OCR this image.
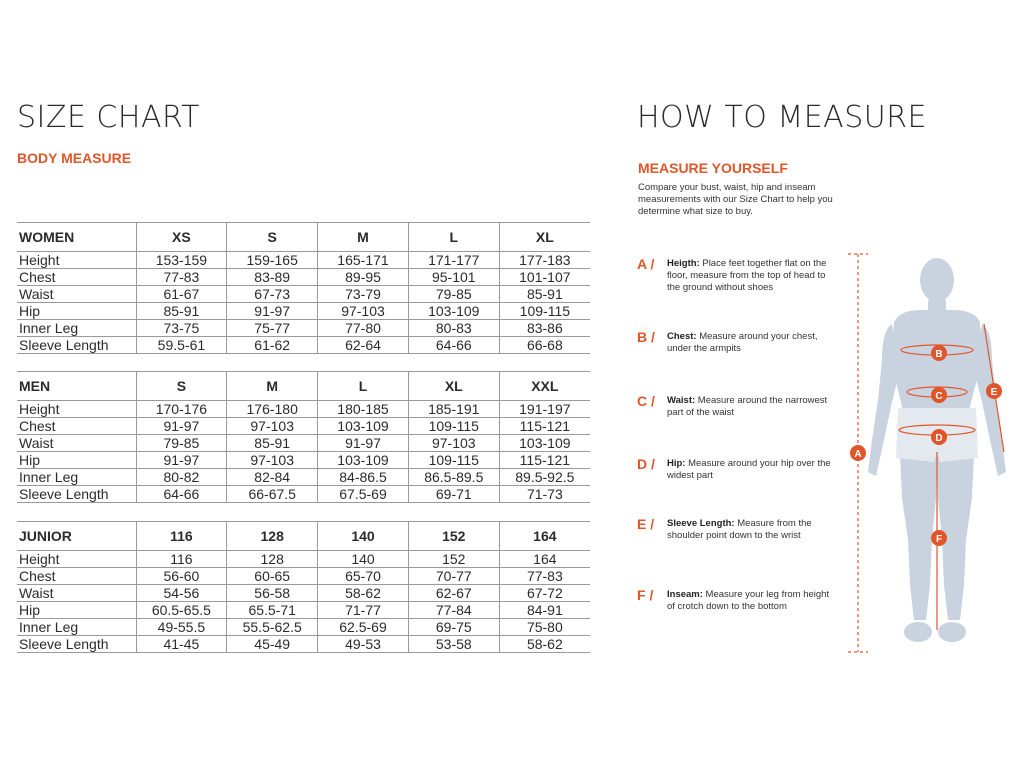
SIZE CHART
BODY MEASURE
WOMEN	XS	S	M	L	XL
Height	153-159	159-165	165-171	171-177	177-183
Chest	77-83	83-89	89-95	95-101	101-107
Waist	61-67	67-73	73-79	79-85	85-91
Hip	85-91	91-97	97-103	103-109	109-115
Inner Leg	73-75	75-77	77-80	80-83	83-86
Sleeve Length	59.5-61	61-62	62-64	64-66	66-68
MEN	S	M	L	XL	XXL
Height	170-176	176-180	180-185	185-191	191-197
Chest	91-97	97-103	103-109	109-115	115-121
Waist	79-85	85-91	91-97	97-103	103-109
Hip	91-97	97-103	103-109	109-115	115-121
Inner Leg	80-82	82-84	84-86.5	86.5-89.5	89.5-92.5
Sleeve Length	64-66	66-67.5	67.5-69	69-71	71-73
JUNIOR	116	128	140	152	164
Height	116	128	140	152	164
Chest	56-60	60-65	65-70	70-77	77-83
Waist	54-56	56-58	58-62	62-67	67-72
Hip	60.5-65.5	65.5-71	71-77	77-84	84-91
Inner Leg	49-55.5	55.5-62.5	62.5-69	69-75	75-80
Sleeve Length	41-45	45-49	49-53	53-58	58-62
HOW TO MEASURE
MEASURE YOURSELF

Compare your bust, waist, hip and inseam measurements with our Size Chart to help you determine what size to buy.

A / Heigth: Place feet together flat on the floor, measure from the top of head to the ground without shoes
B / Chest: Measure around your chest, under the armpits
C / Waist: Measure around the narrowest part of the waist
D / Hip: Measure around your hip over the widest part
E / Sleeve Length: Measure from the shoulder point down to the wrist
F / Inseam: Measure your leg from height of crotch down to the bottom
A
B
C
D
E
F
